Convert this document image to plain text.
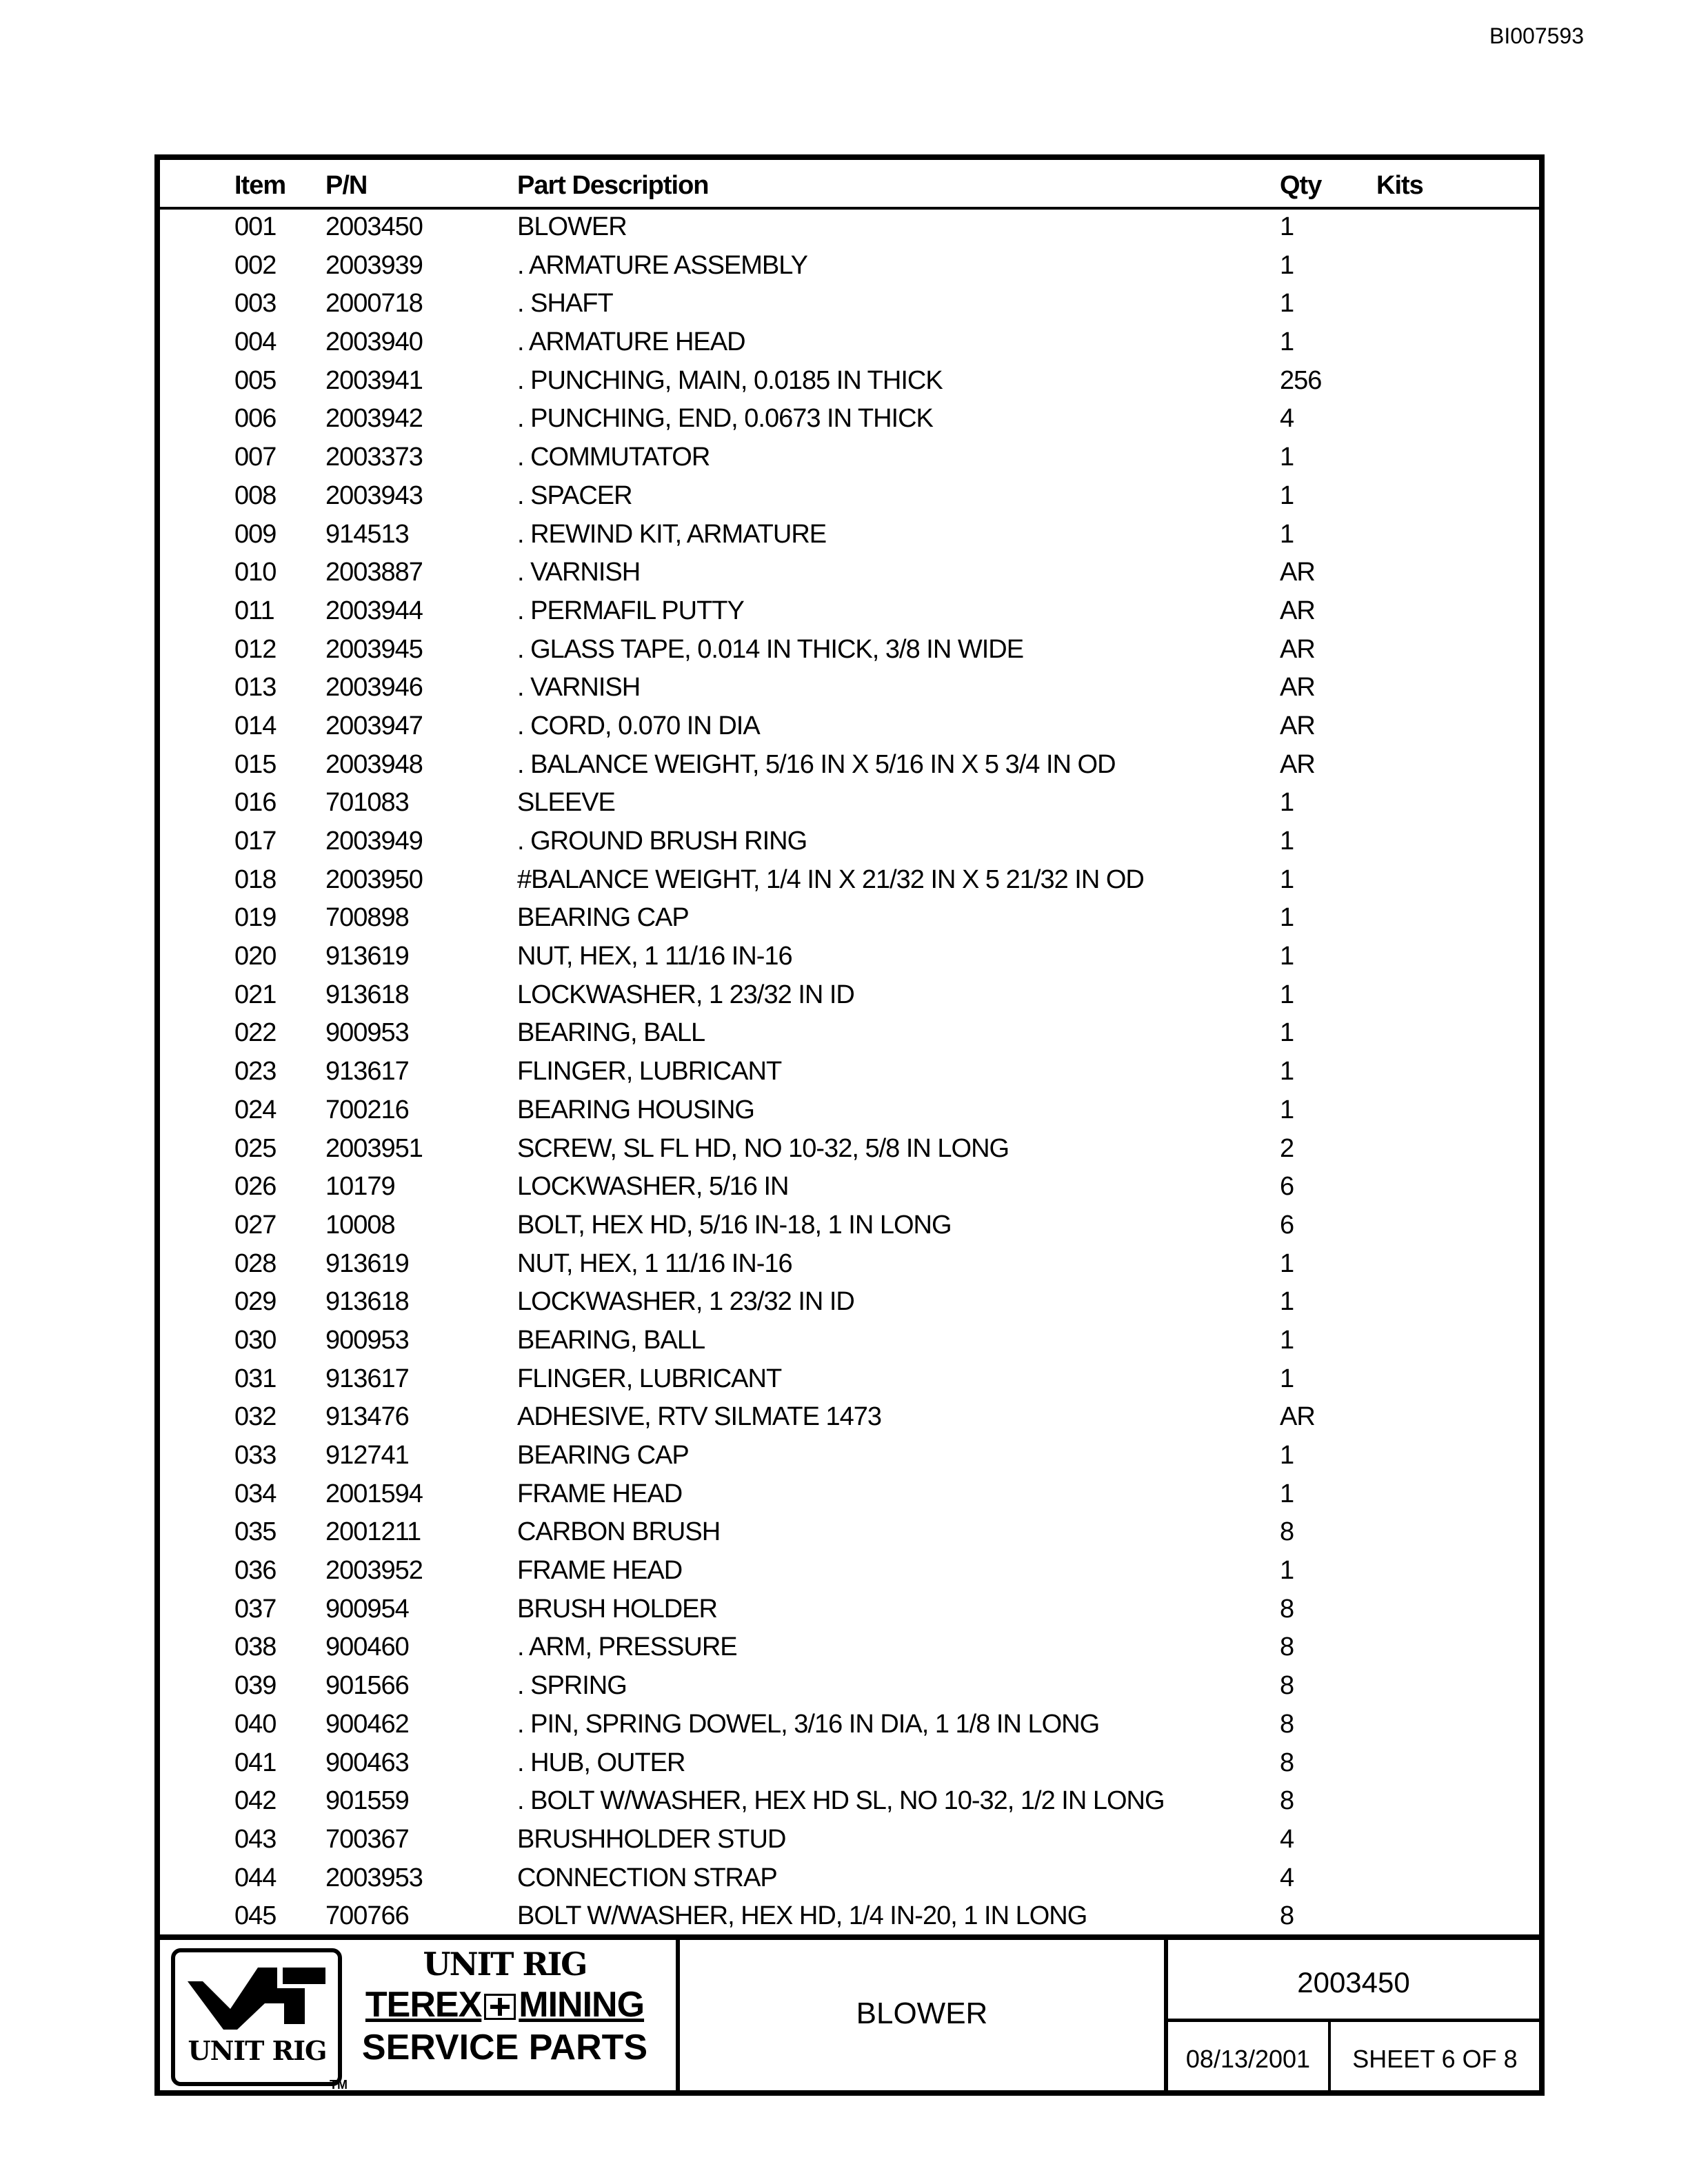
BI007593
Item P/N	Part Description	Qty Kits
001 2003450	BLOWER	1
002 2003939	. ARMATURE ASSEMBLY	1
003 2000718	. SHAFT	1
004 2003940	. ARMATURE HEAD	1
005 2003941	. PUNCHING, MAIN, 0.0185 IN THICK	256
006 2003942	. PUNCHING, END, 0.0673 IN THICK	4
007 2003373	. COMMUTATOR	1
008 2003943	. SPACER	1
009 914513	. REWIND KIT, ARMATURE	1
010 2003887	. VARNISH	AR
011 2003944	. PERMAFIL PUTTY	AR
012 2003945	. GLASS TAPE, 0.014 IN THICK, 3/8 IN WIDE	AR
013 2003946	. VARNISH	AR
014 2003947	. CORD, 0.070 IN DIA	AR
015 2003948	. BALANCE WEIGHT, 5/16 IN X 5/16 IN X 5 3/4 IN OD	AR
016 701083	SLEEVE	1
017 2003949	. GROUND BRUSH RING	1
018 2003950	#BALANCE WEIGHT, 1/4 IN X 21/32 IN X 5 21/32 IN OD	1
019 700898	BEARING CAP	1
020 913619	NUT, HEX, 1 11/16 IN-16	1
021 913618	LOCKWASHER, 1 23/32 IN ID	1
022 900953	BEARING, BALL	1
023 913617	FLINGER, LUBRICANT	1
024 700216	BEARING HOUSING	1
025 2003951	SCREW, SL FL HD, NO 10-32, 5/8 IN LONG	2
026 10179	LOCKWASHER, 5/16 IN	6
027 10008	BOLT, HEX HD, 5/16 IN-18, 1 IN LONG	6
028 913619	NUT, HEX, 1 11/16 IN-16	1
029 913618	LOCKWASHER, 1 23/32 IN ID	1
030 900953	BEARING, BALL	1
031 913617	FLINGER, LUBRICANT	1
032 913476	ADHESIVE, RTV SILMATE 1473	AR
033 912741	BEARING CAP	1
034 2001594	FRAME HEAD	1
035 2001211	CARBON BRUSH	8
036 2003952	FRAME HEAD	1
037 900954	BRUSH HOLDER	8
038 900460	. ARM, PRESSURE	8
039 901566	. SPRING	8
040 900462	. PIN, SPRING DOWEL, 3/16 IN DIA, 1 1/8 IN LONG	8
041 900463	. HUB, OUTER	8
042 901559	. BOLT W/WASHER, HEX HD SL, NO 10-32, 1/2 IN LONG	8
043 700367	BRUSHHOLDER STUD	4
044 2003953	CONNECTION STRAP	4
045 700766	BOLT W/WASHER, HEX HD, 1/4 IN-20, 1 IN LONG	8
UNIT RIG
TM
UNIT RIG
TEREX MINING
SERVICE PARTS
BLOWER
2003450
08/13/2001	SHEET 6 OF 8
